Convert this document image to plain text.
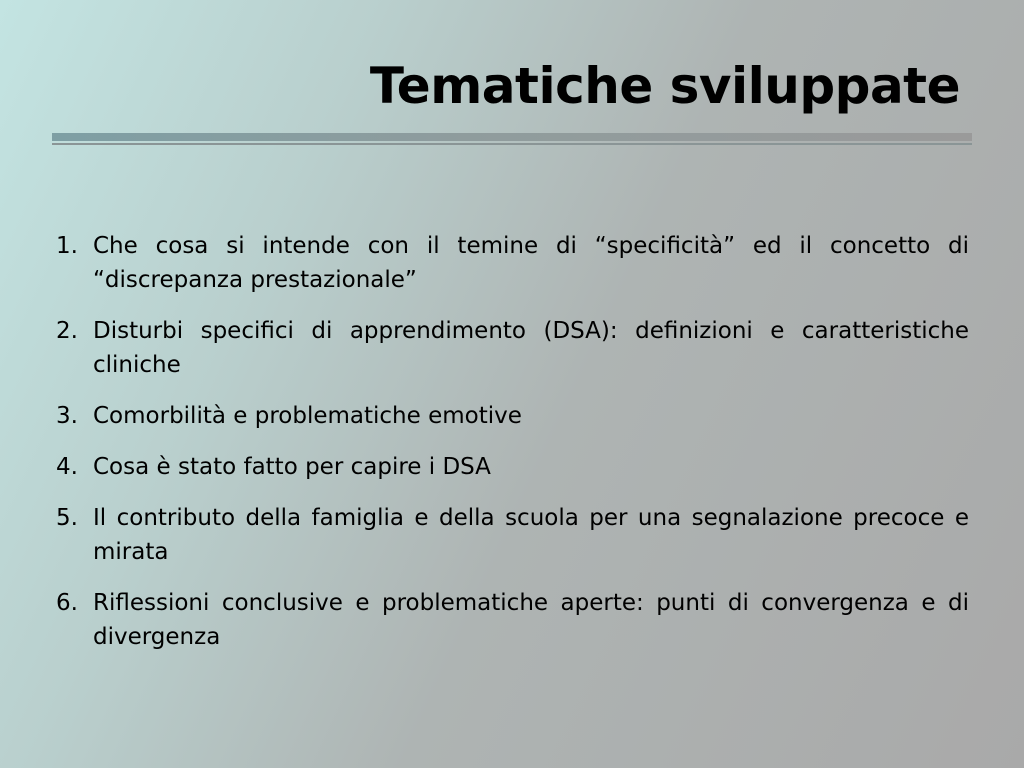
Tematiche sviluppate
1. Che cosa si intende con il temine di “specificità” ed il concetto di “discrepanza prestazionale”
2. Disturbi specifici di apprendimento (DSA): definizioni e caratteristiche cliniche
3. Comorbilità e problematiche emotive
4. Cosa è stato fatto per capire i DSA
5. Il contributo della famiglia e della scuola per una segnalazione precoce e mirata
6. Riflessioni conclusive e problematiche aperte: punti di convergenza e di divergenza
